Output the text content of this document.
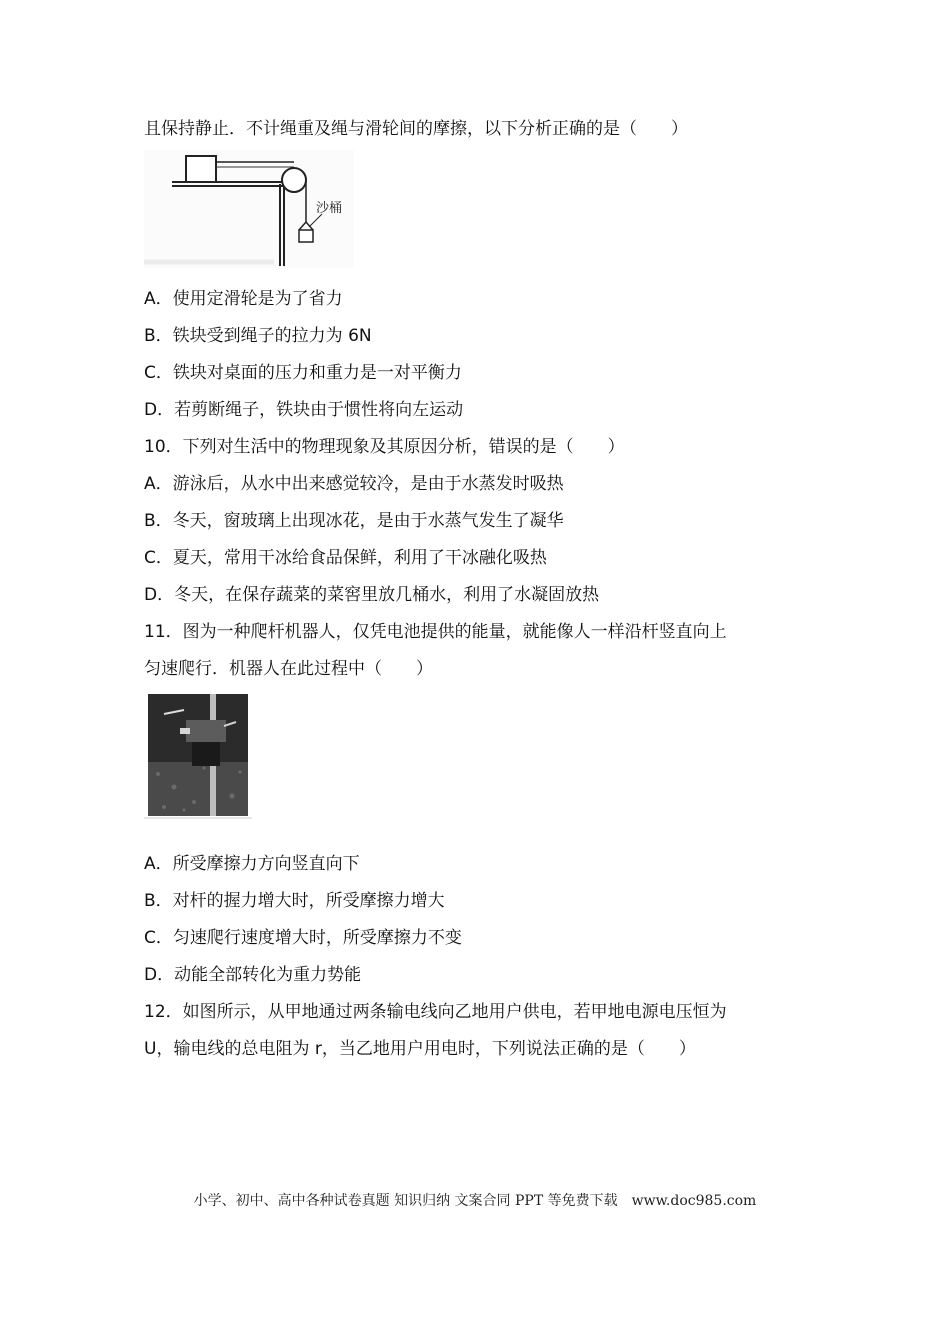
且保持静止．不计绳重及绳与滑轮间的摩擦，以下分析正确的是（　　）
沙桶
A．使用定滑轮是为了省力
B．铁块受到绳子的拉力为 6N
C．铁块对桌面的压力和重力是一对平衡力
D．若剪断绳子，铁块由于惯性将向左运动
10．下列对生活中的物理现象及其原因分析，错误的是（　　）
A．游泳后，从水中出来感觉较冷，是由于水蒸发时吸热
B．冬天，窗玻璃上出现冰花，是由于水蒸气发生了凝华
C．夏天，常用干冰给食品保鲜，利用了干冰融化吸热
D．冬天，在保存蔬菜的菜窖里放几桶水，利用了水凝固放热
11．图为一种爬杆机器人，仅凭电池提供的能量，就能像人一样沿杆竖直向上
匀速爬行．机器人在此过程中（　　）
A．所受摩擦力方向竖直向下
B．对杆的握力增大时，所受摩擦力增大
C．匀速爬行速度增大时，所受摩擦力不变
D．动能全部转化为重力势能
12．如图所示，从甲地通过两条输电线向乙地用户供电，若甲地电源电压恒为
U，输电线的总电阻为 r，当乙地用户用电时，下列说法正确的是（　　）
小学、初中、高中各种试卷真题 知识归纳 文案合同 PPT 等免费下载　www.doc985.com
